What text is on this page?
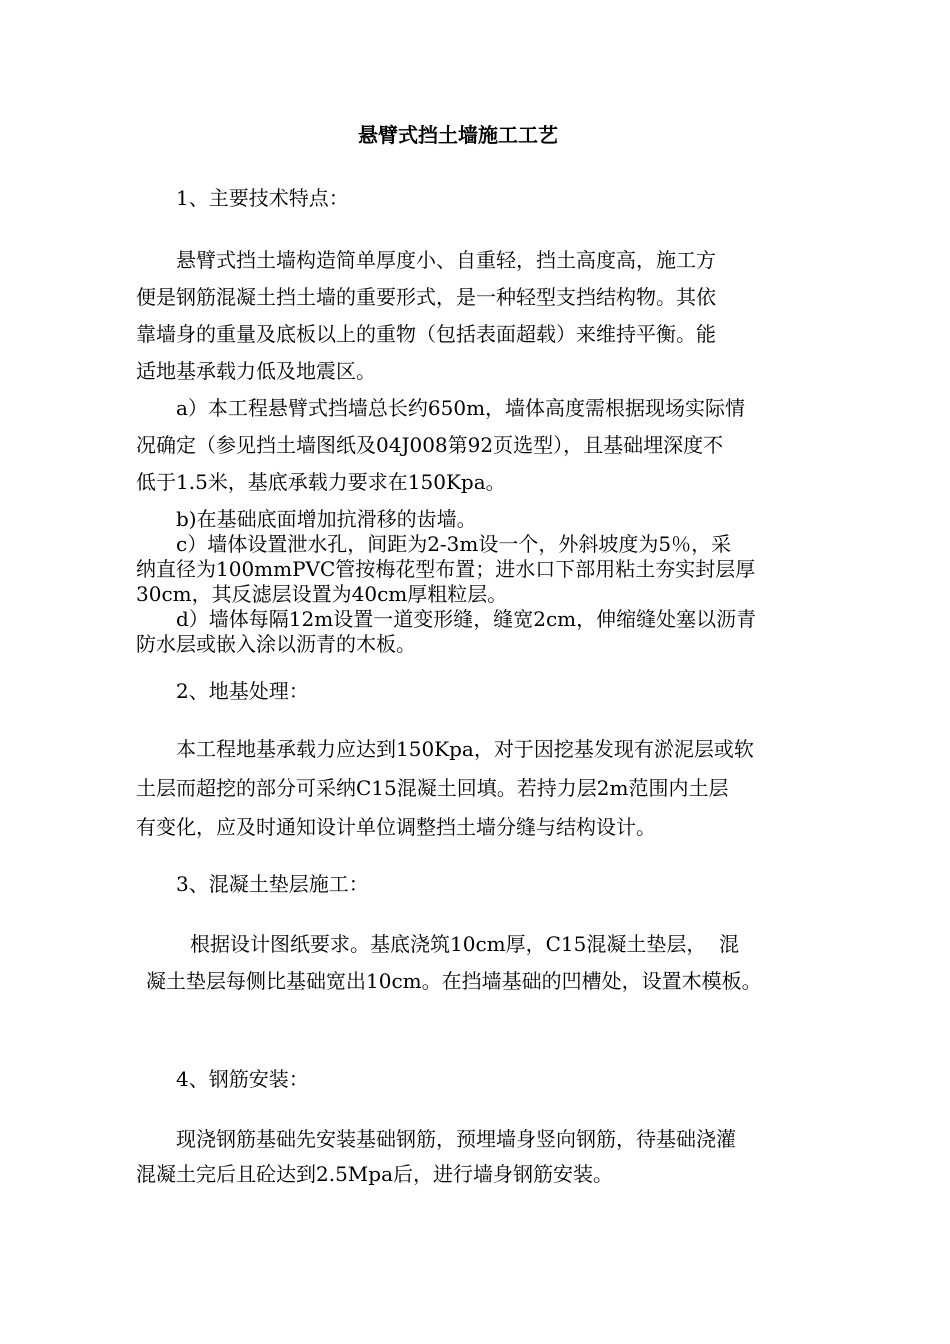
悬臂式挡土墙施工工艺
1、主要技术特点：
悬臂式挡土墙构造简单厚度小、自重轻，挡土高度高，施工方
便是钢筋混凝土挡土墙的重要形式，是一种轻型支挡结构物。其依
靠墙身的重量及底板以上的重物（包括表面超载）来维持平衡。能
适地基承载力低及地震区。
a）本工程悬臂式挡墙总长约650m，墙体高度需根据现场实际情
况确定（参见挡土墙图纸及04J008第92页选型），且基础埋深度不
低于1.5米，基底承载力要求在150Kpa。
b)在基础底面增加抗滑移的齿墙。
c）墙体设置泄水孔，间距为2-3m设一个，外斜坡度为5％，采
纳直径为100mmPVC管按梅花型布置；进水口下部用粘土夯实封层厚
30cm，其反滤层设置为40cm厚粗粒层。
d）墙体每隔12m设置一道变形缝，缝宽2cm，伸缩缝处塞以沥青
防水层或嵌入涂以沥青的木板。
2、地基处理：
本工程地基承载力应达到150Kpa，对于因挖基发现有淤泥层或软
土层而超挖的部分可采纳C15混凝土回填。若持力层2m范围内土层
有变化，应及时通知设计单位调整挡土墙分缝与结构设计。
3、混凝土垫层施工：
根据设计图纸要求。基底浇筑10cm厚，C15混凝土垫层，  混
凝土垫层每侧比基础宽出10cm。在挡墙基础的凹槽处，设置木模板。
4、钢筋安装：
现浇钢筋基础先安装基础钢筋，预埋墙身竖向钢筋，待基础浇灌
混凝土完后且砼达到2.5Mpa后，进行墙身钢筋安装。
